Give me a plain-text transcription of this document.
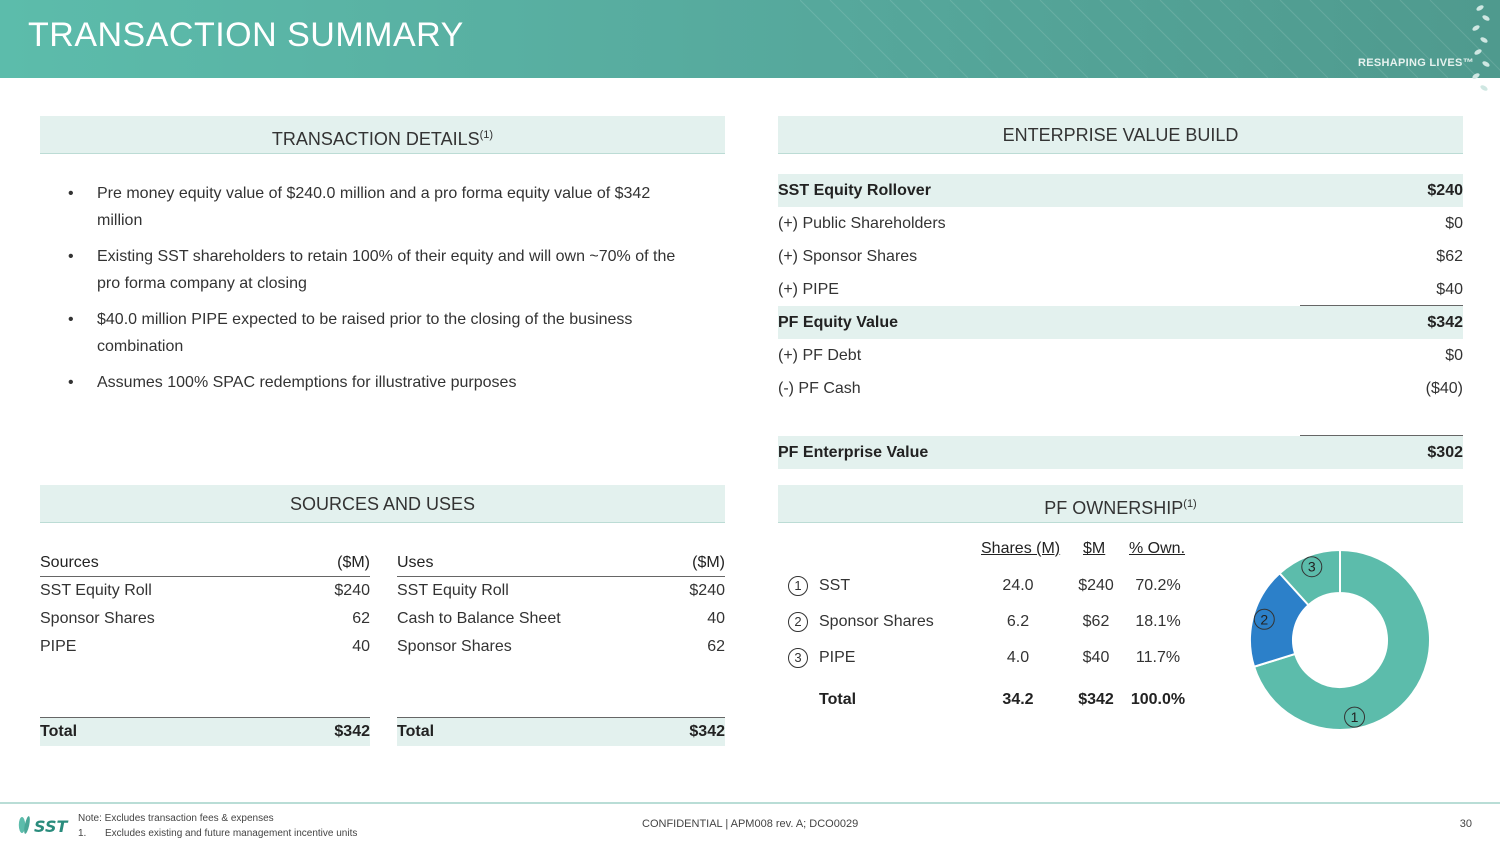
TRANSACTION SUMMARY
RESHAPING LIVES™
TRANSACTION DETAILS$^{(1)}$
• Pre money equity value of $240.0 million and a pro forma equity value of $342 million
• Existing SST shareholders to retain 100% of their equity and will own ~70% of the pro forma company at closing
• $40.0 million PIPE expected to be raised prior to the closing of the business combination
• Assumes 100% SPAC redemptions for illustrative purposes
ENTERPRISE VALUE BUILD
SST Equity Rollover	$240
(+) Public Shareholders	$0
(+) Sponsor Shares	$62
(+) PIPE	$40
PF Equity Value	$342
(+) PF Debt	$0
(-) PF Cash	($40)
PF Enterprise Value	$302
SOURCES AND USES
Sources	($M)
SST Equity Roll	$240
Sponsor Shares	62
PIPE	40
Total	$342
Uses	($M)
SST Equity Roll	$240
Cash to Balance Sheet	40
Sponsor Shares	62
Total	$342
PF OWNERSHIP$^{(1)}$
Shares (M) $M % Own.
1	SST	24.0	$240	70.2%
2	Sponsor Shares	6.2	$62	18.1%
3	PIPE	4.0	$40	11.7%
Total	34.2	$342 100.0%
1
2
3
SST Note: Excludes transaction fees & expenses
1. Excludes existing and future management incentive units
CONFIDENTIAL | APM008 rev. A; DCO0029	30
